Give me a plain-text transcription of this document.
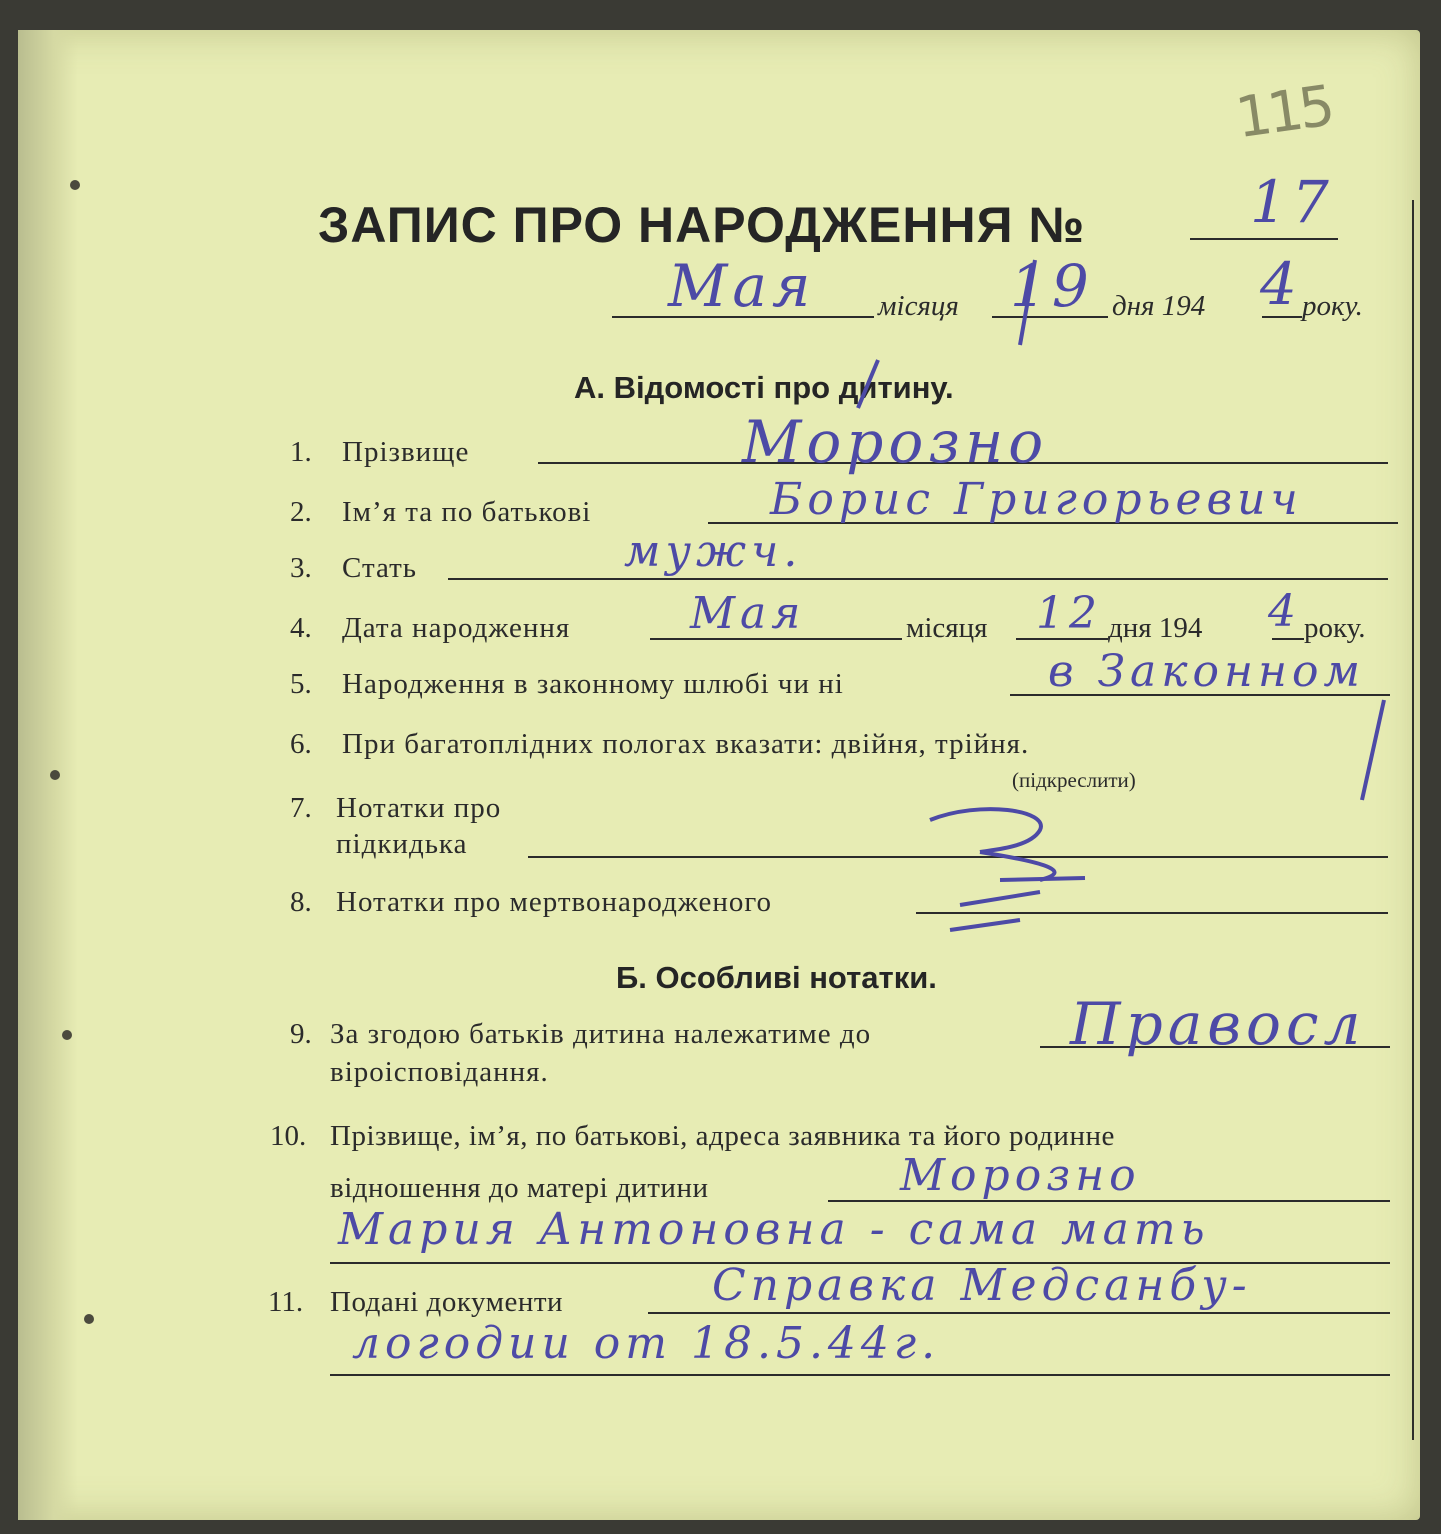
115
ЗАПИС ПРО НАРОДЖЕННЯ №	17
Мая місяця 19 дня 194 4 року.
А. Відомості про дитину.
1. Прізвище	Морозно
2. Ім’я та по батькові	Борис Григорьевич
3. Стать	мужч.
4. Дата народження	Мая	місяця 12 дня 194 4 року.
5. Народження в законному шлюбі чи ні	в Законном
6. При багатоплідних пологах вказати: двійня, трійня.
(підкреслити)
7. Нотатки про
підкидька
8. Нотатки про мертвонародженого
Б. Особливі нотатки.
9. За згодою батьків дитина належатиме до
віроісповідання.
Правосл
10. Прізвище, ім’я, по батькові, адреса заявника та його родинне
відношення до матері дитини	Морозно
Мария Антоновна - сама мать
11. Подані документи	Справка Медсанбу-
логодии от 18.5.44г.
